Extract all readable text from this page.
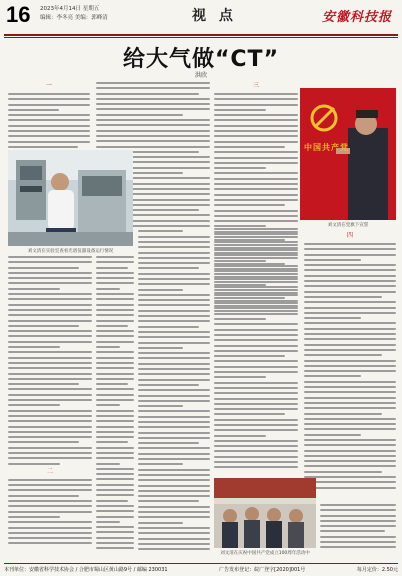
16 2023年4月14日 星期五
编辑：李冬亮 美编：郭峰清	视 点	安徽科技报
给大气做“CT”
洪欣
一
刘文清在实验室查看光谱仪器设备运行情况
二
三
中国共产党
刘文清在党旗下宣誓
四
刘文清在庆祝中国共产党成立100周年活动中
本刊单位：安徽省科学技术协会 / 合肥市蜀山区黄山路9号 / 邮编 230031	广告发布登记：皖广登字[2020]001号	每月定价：2.50元
